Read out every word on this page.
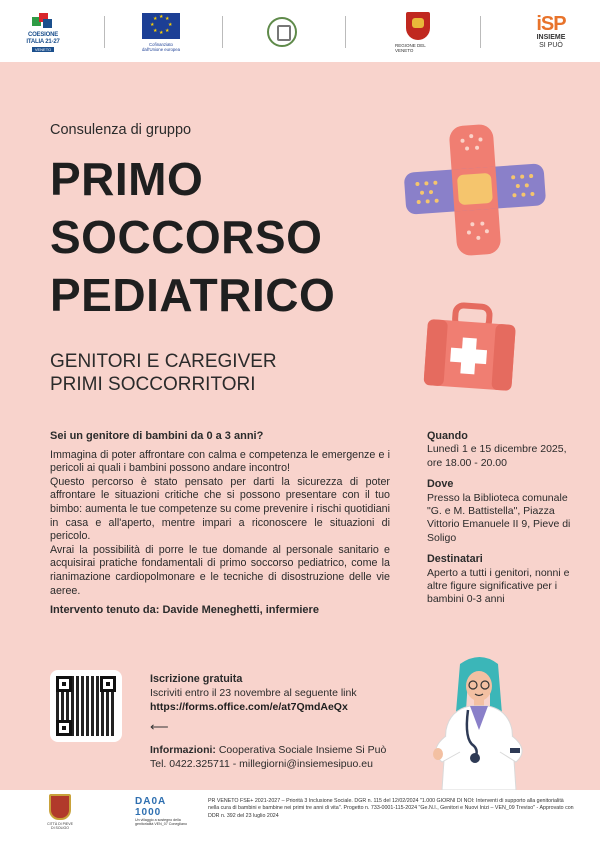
COESIONE
ITALIA 21-27
VENETO
★ ★
★
★
★
★
★
★
Cofinanziato dall'Unione europea
REGIONE DEL VENETO
iSP
INSIEME
SI PUÒ
Consulenza di gruppo
PRIMO
SOCCORSO
PEDIATRICO
GENITORI E CAREGIVER
PRIMI SOCCORRITORI
Sei un genitore di bambini da 0 a 3 anni?

Immagina di poter affrontare con calma e competenza le emergenze e i pericoli ai quali i bambini possono andare incontro!

Questo percorso è stato pensato per darti la sicurezza di poter affrontare le situazioni critiche che si possono presentare con il tuo bimbo: aumenta le tue competenze su come prevenire i rischi quotidiani in casa e all'aperto, mentre impari a riconoscere le situazioni di pericolo.

Avrai la possibilità di porre le tue domande al personale sanitario e acquisirai pratiche fondamentali di primo soccorso pediatrico, come la rianimazione cardiopolmonare e le tecniche di disostruzione delle vie aeree.

Intervento tenuto da: Davide Meneghetti, infermiere
Quando
Lunedì 1 e 15 dicembre 2025, ore 18.00 - 20.00
Dove
Presso la Biblioteca comunale "G. e M. Battistella", Piazza Vittorio Emanuele II 9, Pieve di Soligo
Destinatari
Aperto a tutti i genitori, nonni e altre figure significative per i bambini 0-3 anni
Iscrizione gratuita
Iscriviti entro il 23 novembre al seguente link
https://forms.office.com/e/at7QmdAeQx
⟵
Informazioni: Cooperativa Sociale Insieme Si Può
Tel. 0422.325711 - millegiorni@insiemesipuo.eu
CITTÀ DI PIEVE DI SOLIGO
DA0A 1000
Un villaggio a sostegno della genitorialità VEN_07 Conegliano
PR VENETO FSE+ 2021-2027 – Priorità 3 Inclusione Sociale. DGR n. 115 del 12/02/2024 "1.000 GIORNI DI NOI: Interventi di supporto alla genitorialità nella cura di bambini e bambine nei primi tre anni di vita". Progetto n. 733-0001-115-2024 "Ge.N.I., Genitori e Nuovi Inizi – VEN_09 Treviso" - Approvato con DDR n. 392 del 23 luglio 2024
